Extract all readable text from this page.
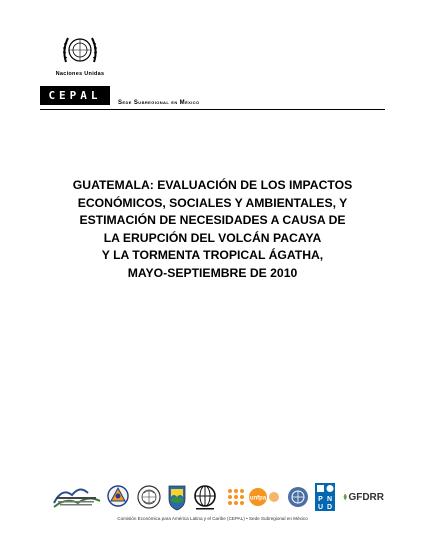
Naciones Unidas
CEPAL
Sede Subregional en México
GUATEMALA: EVALUACIÓN DE LOS IMPACTOS
ECONÓMICOS, SOCIALES Y AMBIENTALES, Y
ESTIMACIÓN DE NECESIDADES A CAUSA DE
LA ERUPCIÓN DEL VOLCÁN PACAYA
Y LA TORMENTA TROPICAL ÁGATHA,
MAYO-SEPTIEMBRE DE 2010
unfpa	P N
U D
GFDRR
Comisión Económica para América Latina y el Caribe (CEPAL) • Sede Subregional en México
